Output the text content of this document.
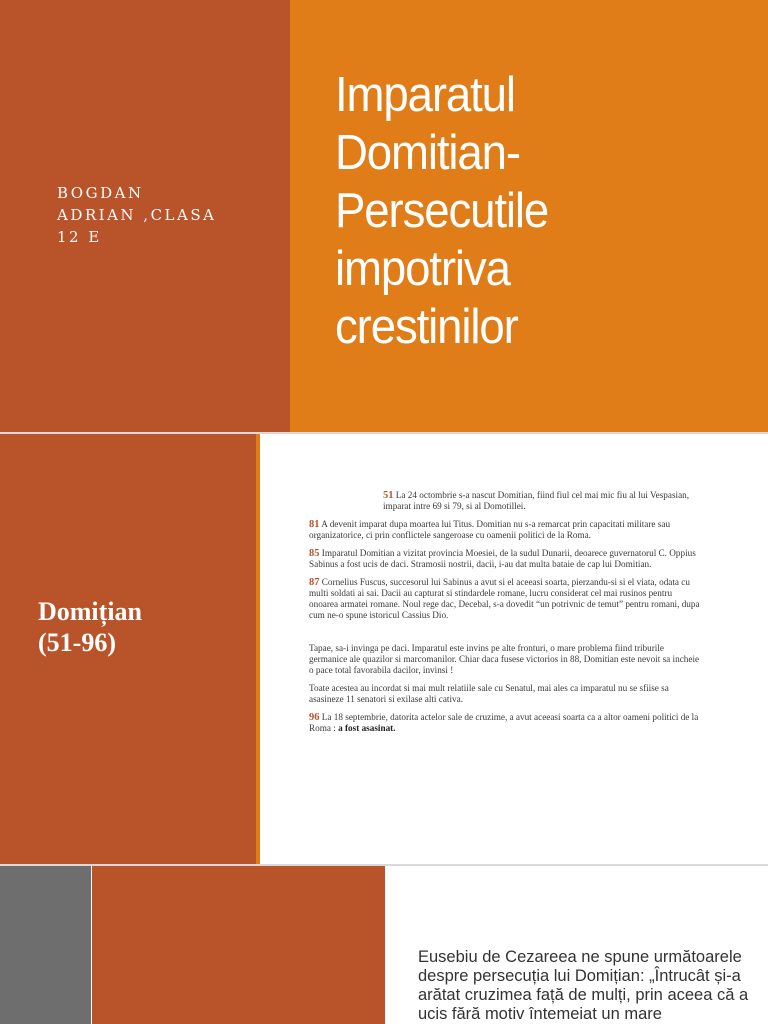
BOGDAN
ADRIAN ,CLASA
12 E
Imparatul
Domitian-
Persecutile
impotriva
crestinilor
Domițian
(51-96)

51 La 24 octombrie s-a nascut Domitian, fiind fiul cel mai mic fiu al lui Vespasian, imparat intre 69 si 79, si al Domotillei.

81 A devenit imparat dupa moartea lui Titus. Domitian nu s-a remarcat prin capacitati militare sau organizatorice, ci prin conflictele sangeroase cu oamenii politici de la Roma.

85 Imparatul Domitian a vizitat provincia Moesiei, de la sudul Dunarii, deoarece guvernatorul C. Oppius Sabinus a fost ucis de daci. Stramosii nostrii, dacii, i-au dat multa bataie de cap lui Domitian.

87 Cornelius Fuscus, succesorul lui Sabinus a avut si el aceeasi soarta, pierzandu-si si el viata, odata cu multi soldati ai sai. Dacii au capturat si stindardele romane, lucru considerat cel mai rusinos pentru onoarea armatei romane. Noul rege dac, Decebal, s-a dovedit “un potrivnic de temut” pentru romani, dupa cum ne-o spune istoricul Cassius Dio.

Tapae, sa-i invinga pe daci. Imparatul este invins pe alte fronturi, o mare problema fiind triburile germanice ale quazilor si marcomanilor. Chiar daca fusese victorios in 88, Domitian este nevoit sa incheie o pace total favorabila dacilor, invinsi !

Toate acestea au incordat si mai mult relatiile sale cu Senatul, mai ales ca imparatul nu se sfiise sa asasineze 11 senatori si exilase alti cativa.

96 La 18 septembrie, datorita actelor sale de cruzime, a avut aceeasi soarta ca a altor oameni politici de la Roma : a fost asasinat.

Eusebiu de Cezareea ne spune următoarele despre persecuția lui Domițian: „Întrucât și-a arătat cruzimea față de mulți, prin aceea că a ucis fără motiv întemeiat un mare
